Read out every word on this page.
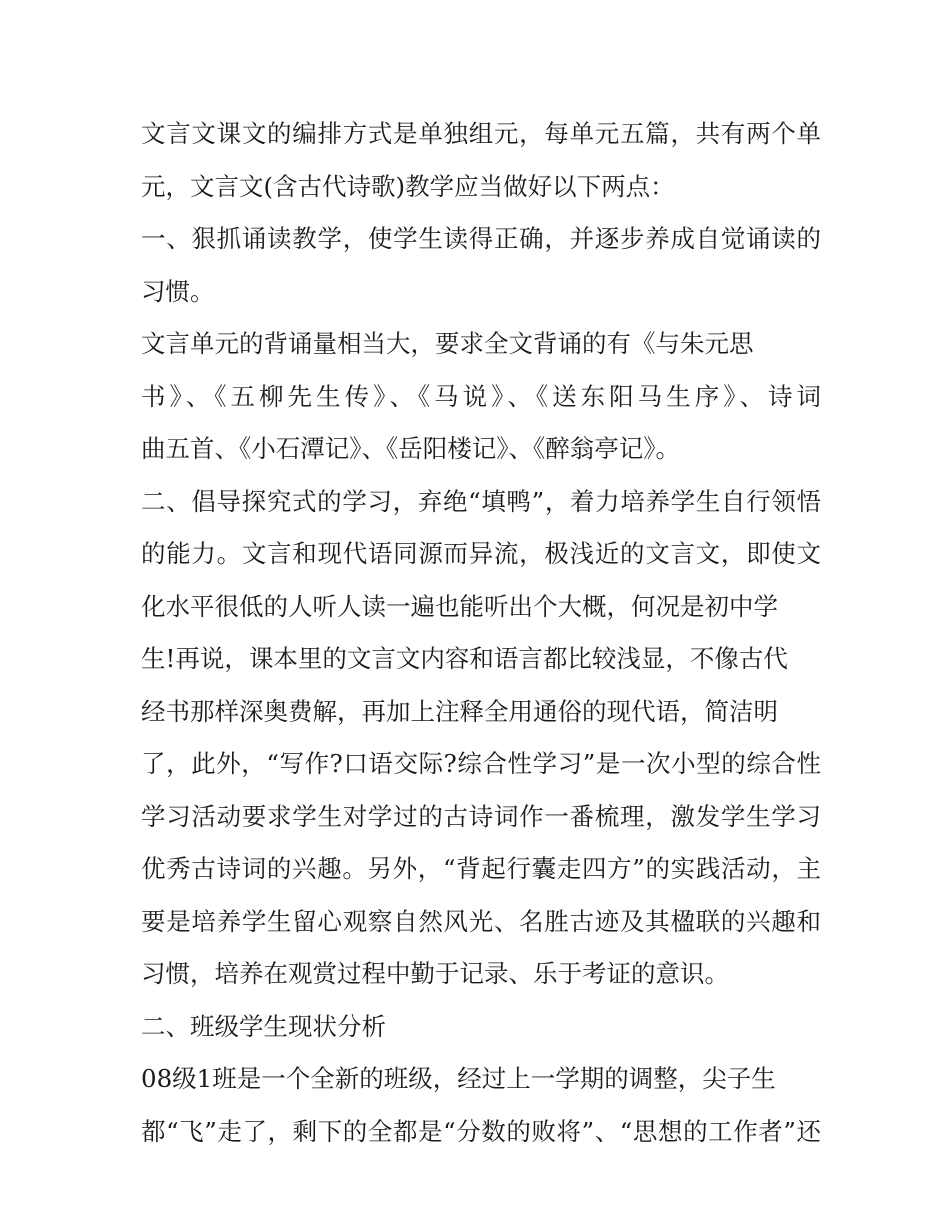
文言文课文的编排方式是单独组元，每单元五篇，共有两个单
元，文言文(含古代诗歌)教学应当做好以下两点：
一、狠抓诵读教学，使学生读得正确，并逐步养成自觉诵读的
习惯。
文言单元的背诵量相当大，要求全文背诵的有《与朱元思
书》、《五柳先生传》、《马说》、《送东阳马生序》、诗词
曲五首、《小石潭记》、《岳阳楼记》、《醉翁亭记》。
二、倡导探究式的学习，弃绝“填鸭”，着力培养学生自行领悟
的能力。文言和现代语同源而异流，极浅近的文言文，即使文
化水平很低的人听人读一遍也能听出个大概，何况是初中学
生!再说，课本里的文言文内容和语言都比较浅显，不像古代
经书那样深奥费解，再加上注释全用通俗的现代语，简洁明
了，此外，“写作?口语交际?综合性学习”是一次小型的综合性
学习活动要求学生对学过的古诗词作一番梳理，激发学生学习
优秀古诗词的兴趣。另外，“背起行囊走四方”的实践活动，主
要是培养学生留心观察自然风光、名胜古迹及其楹联的兴趣和
习惯，培养在观赏过程中勤于记录、乐于考证的意识。
二、班级学生现状分析
08级1班是一个全新的班级，经过上一学期的调整，尖子生
都“飞”走了，剩下的全都是“分数的败将”、“思想的工作者”还
